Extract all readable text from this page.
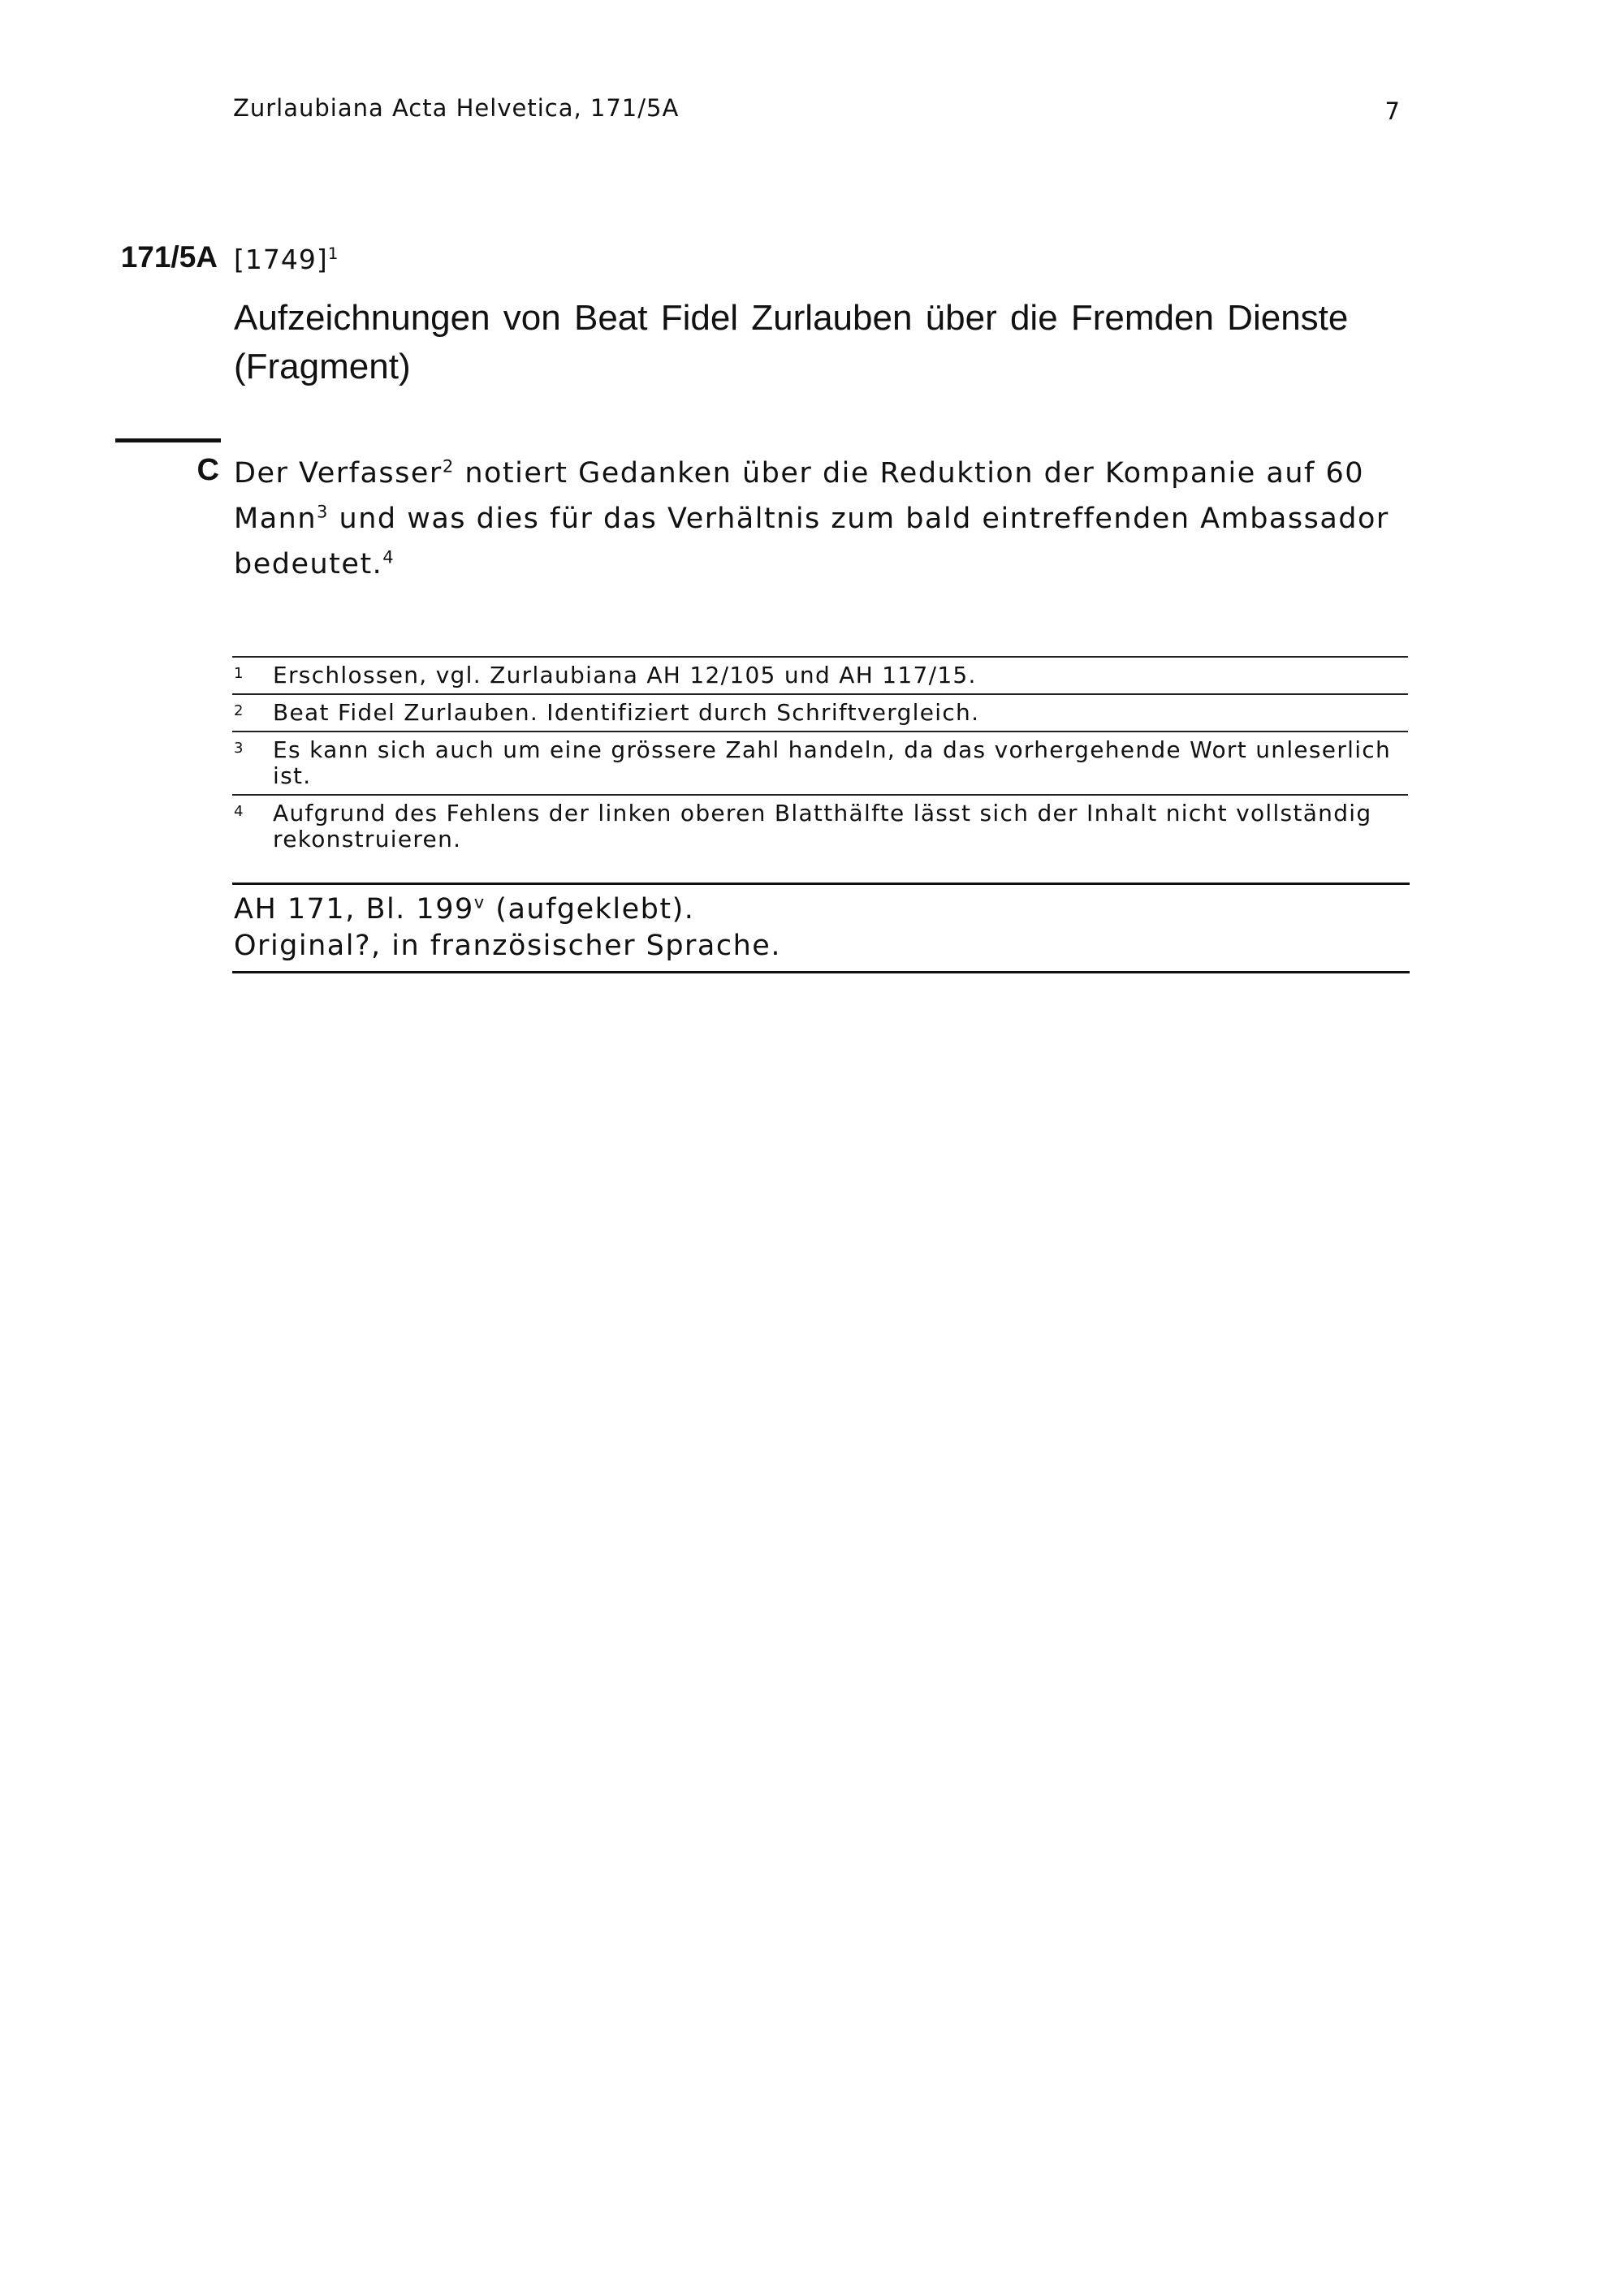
Zurlaubiana Acta Helvetica, 171/5A	7
171/5A $[1749]^1$
Aufzeichnungen von Beat Fidel Zurlauben über die Fremden Dienste (Fragment)
C Der Verfasser$^2$ notiert Gedanken über die Reduktion der Kompanie auf 60 Mann$^3$ und was dies für das Verhältnis zum bald eintreffenden Ambassador bedeutet.$^4$
1 Erschlossen, vgl. Zurlaubiana AH 12/105 und AH 117/15.
2 Beat Fidel Zurlauben. Identifiziert durch Schriftvergleich.
3 Es kann sich auch um eine grössere Zahl handeln, da das vorhergehende Wort unleserlich ist.
4 Aufgrund des Fehlens der linken oberen Blatthälfte lässt sich der Inhalt nicht vollständig rekonstruieren.
AH 171, Bl. 199$^v$ (aufgeklebt).
Original?, in französischer Sprache.
